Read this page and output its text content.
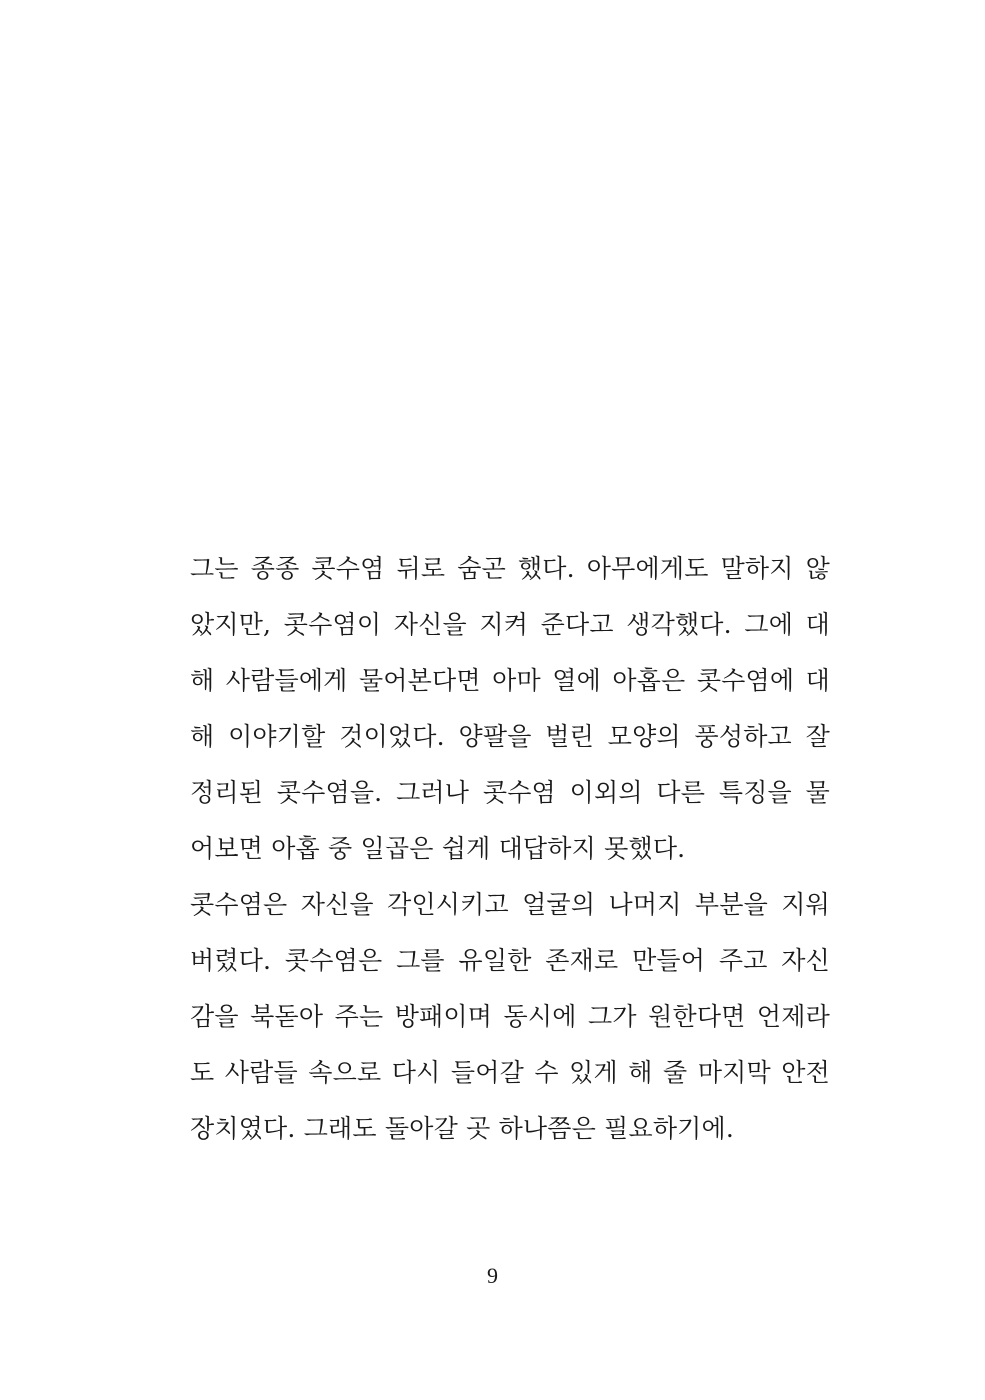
그는 종종 콧수염 뒤로 숨곤 했다. 아무에게도 말하지 않
았지만, 콧수염이 자신을 지켜 준다고 생각했다. 그에 대
해 사람들에게 물어본다면 아마 열에 아홉은 콧수염에 대
해 이야기할 것이었다. 양팔을 벌린 모양의 풍성하고 잘
정리된 콧수염을. 그러나 콧수염 이외의 다른 특징을 물
어보면 아홉 중 일곱은 쉽게 대답하지 못했다.
콧수염은 자신을 각인시키고 얼굴의 나머지 부분을 지워
버렸다. 콧수염은 그를 유일한 존재로 만들어 주고 자신
감을 북돋아 주는 방패이며 동시에 그가 원한다면 언제라
도 사람들 속으로 다시 들어갈 수 있게 해 줄 마지막 안전
장치였다. 그래도 돌아갈 곳 하나쯤은 필요하기에.
9
